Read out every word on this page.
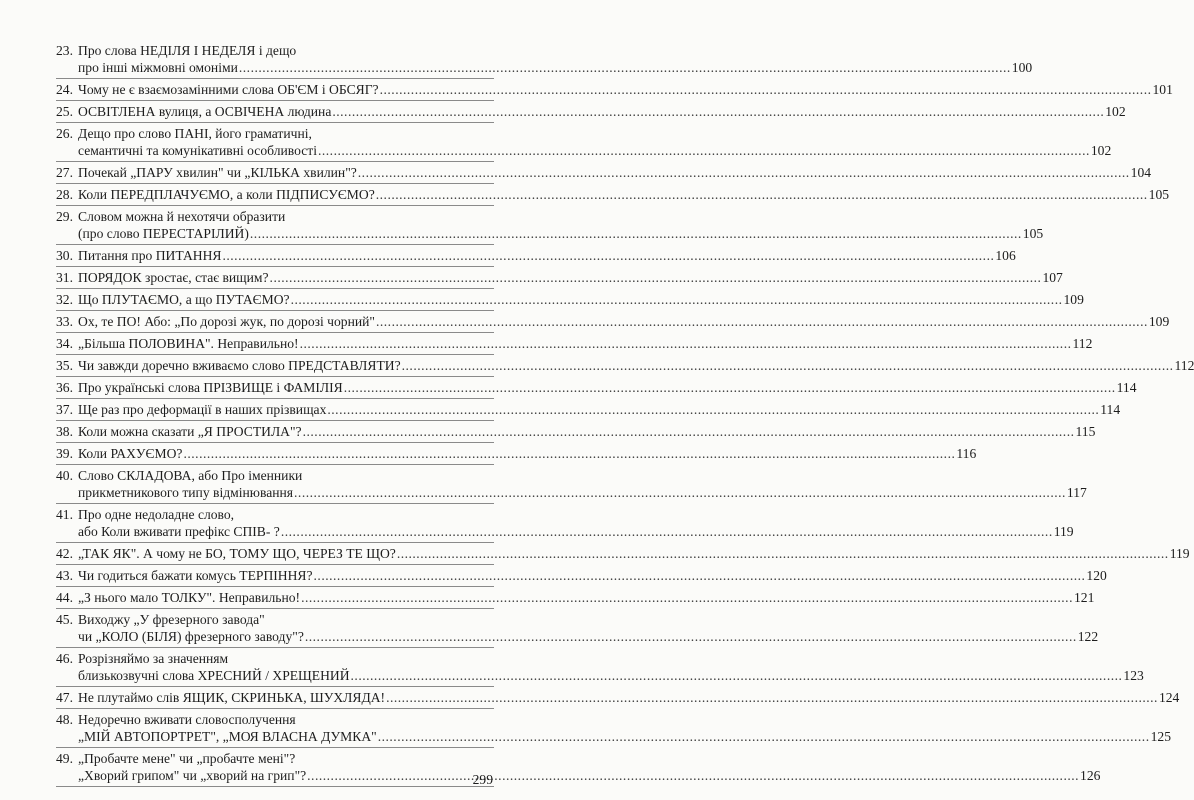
23. Про слова НЕДІЛЯ І НЕДЕЛЯ і дещо
про інші міжмовні омоніми .....	100
24. Чому не є взаємозамінними слова ОБ'ЄМ і ОБСЯГ? .....	101
25. ОСВІТЛЕНА вулиця, а ОСВІЧЕНА людина .....	102
26. Дещо про слово ПАНІ, його граматичні,
семантичні та комунікативні особливості .....	102
27. Почекай „ПАРУ хвилин" чи „КІЛЬКА хвилин"? .....	104
28. Коли ПЕРЕДПЛАЧУЄМО, а коли ПІДПИСУЄМО? .....	105
29. Словом можна й нехотячи образити
(про слово ПЕРЕСТАРІЛИЙ) .....	105
30. Питання про ПИТАННЯ .....	106
31. ПОРЯДОК зростає, стає вищим? .....	107
32. Що ПЛУТАЄМО, а що ПУТАЄМО? .....	109
33. Ох, те ПО! Або: „По дорозі жук, по дорозі чорний" .....	109
34. „Більша ПОЛОВИНА". Неправильно! .....	112
35. Чи завжди доречно вживаємо слово ПРЕДСТАВЛЯТИ? .....	112
36. Про українські слова ПРІЗВИЩЕ і ФАМІЛІЯ .....	114
37. Ще раз про деформації в наших прізвищах .....	114
38. Коли можна сказати „Я ПРОСТИЛА"? .....	115
39. Коли РАХУЄМО? .....	116
40. Слово СКЛАДОВА, або Про іменники
прикметникового типу відмінювання .....	117
41. Про одне недоладне слово,
або Коли вживати префікс СПІВ- ? .....	119
42. „ТАК ЯК". А чому не БО, ТОМУ ЩО, ЧЕРЕЗ ТЕ ЩО? .....	119
43. Чи годиться бажати комусь ТЕРПІННЯ? .....	120
44. „З нього мало ТОЛКУ". Неправильно! .....	121
45. Виходжу „У фрезерного завода"
чи „КОЛО (БІЛЯ) фрезерного заводу"? .....	122
46. Розрізняймо за значенням
близькозвучні слова ХРЕСНИЙ / ХРЕЩЕНИЙ .....	123
47. Не плутаймо слів ЯЩИК, СКРИНЬКА, ШУХЛЯДА! .....	124
48. Недоречно вживати словосполучення
„МІЙ АВТОПОРТРЕТ", „МОЯ ВЛАСНА ДУМКА" .....	125
49. „Пробачте мене" чи „пробачте мені"?
„Хворий грипом" чи „хворий на грип"? .....	126
299
